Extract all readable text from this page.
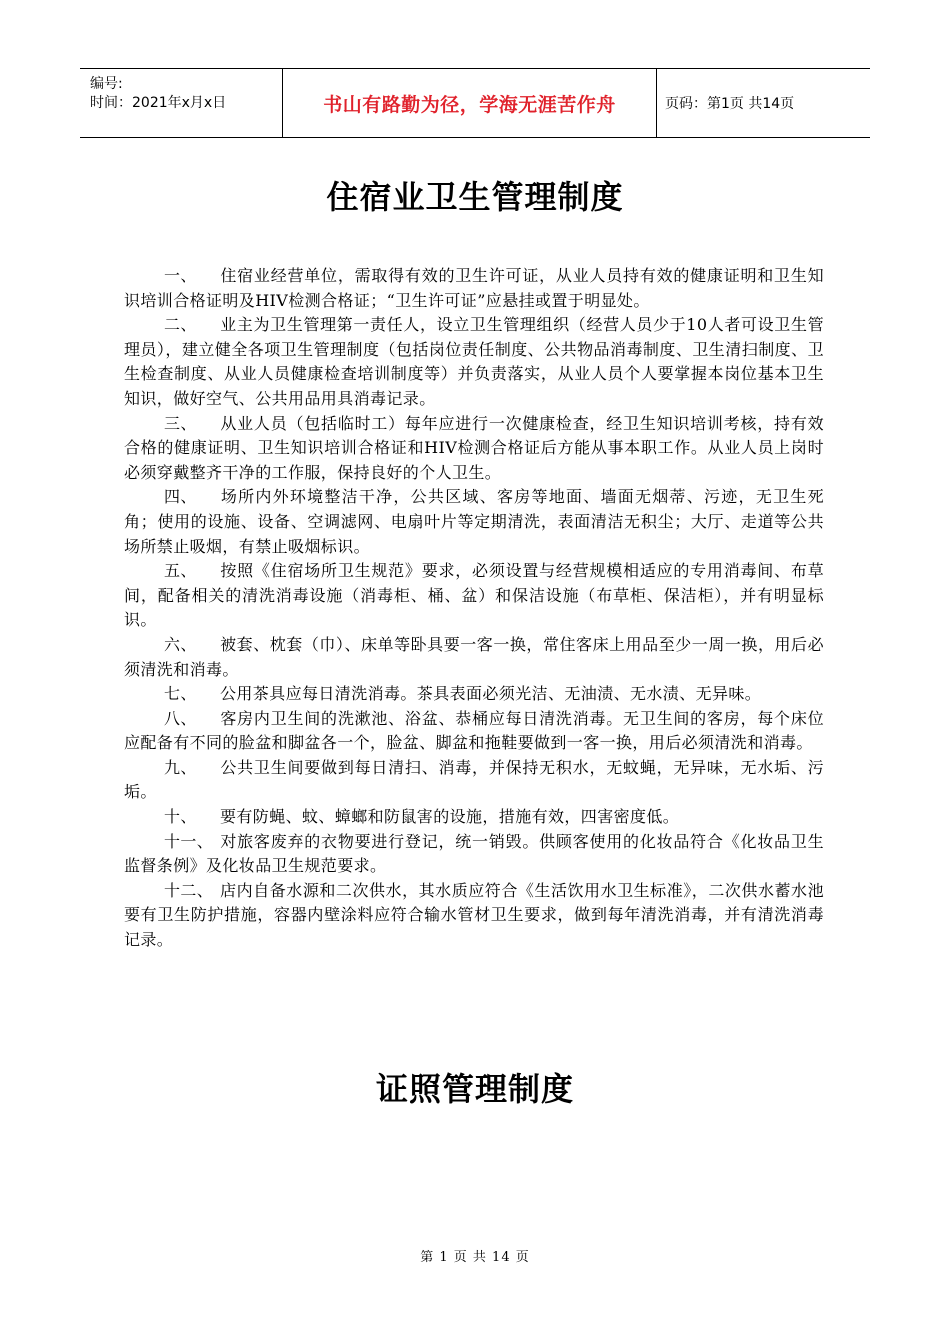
编号:
时间：2021年x月x日	书山有路勤为径，学海无涯苦作舟	页码：第1页 共14页
住宿业卫生管理制度

一、 住宿业经营单位，需取得有效的卫生许可证，从业人员持有效的健康证明和卫生知识培训合格证明及HIV检测合格证；“卫生许可证”应悬挂或置于明显处。

二、 业主为卫生管理第一责任人，设立卫生管理组织（经营人员少于10人者可设卫生管理员），建立健全各项卫生管理制度（包括岗位责任制度、公共物品消毒制度、卫生清扫制度、卫生检查制度、从业人员健康检查培训制度等）并负责落实，从业人员个人要掌握本岗位基本卫生知识，做好空气、公共用品用具消毒记录。

三、 从业人员（包括临时工）每年应进行一次健康检查，经卫生知识培训考核，持有效合格的健康证明、卫生知识培训合格证和HIV检测合格证后方能从事本职工作。从业人员上岗时必须穿戴整齐干净的工作服，保持良好的个人卫生。

四、 场所内外环境整洁干净，公共区域、客房等地面、墙面无烟蒂、污迹，无卫生死角；使用的设施、设备、空调滤网、电扇叶片等定期清洗，表面清洁无积尘；大厅、走道等公共场所禁止吸烟，有禁止吸烟标识。

五、 按照《住宿场所卫生规范》要求，必须设置与经营规模相适应的专用消毒间、布草间，配备相关的清洗消毒设施（消毒柜、桶、盆）和保洁设施（布草柜、保洁柜），并有明显标识。

六、 被套、枕套（巾）、床单等卧具要一客一换，常住客床上用品至少一周一换，用后必须清洗和消毒。

七、 公用茶具应每日清洗消毒。茶具表面必须光洁、无油渍、无水渍、无异味。

八、 客房内卫生间的洗漱池、浴盆、恭桶应每日清洗消毒。无卫生间的客房，每个床位应配备有不同的脸盆和脚盆各一个，脸盆、脚盆和拖鞋要做到一客一换，用后必须清洗和消毒。

九、 公共卫生间要做到每日清扫、消毒，并保持无积水，无蚊蝇，无异味，无水垢、污垢。

十、 要有防蝇、蚊、蟑螂和防鼠害的设施，措施有效，四害密度低。

十一、 对旅客废弃的衣物要进行登记，统一销毁。供顾客使用的化妆品符合《化妆品卫生监督条例》及化妆品卫生规范要求。

十二、 店内自备水源和二次供水，其水质应符合《生活饮用水卫生标准》，二次供水蓄水池要有卫生防护措施，容器内壁涂料应符合输水管材卫生要求，做到每年清洗消毒，并有清洗消毒记录。

证照管理制度
第 1 页 共 14 页
